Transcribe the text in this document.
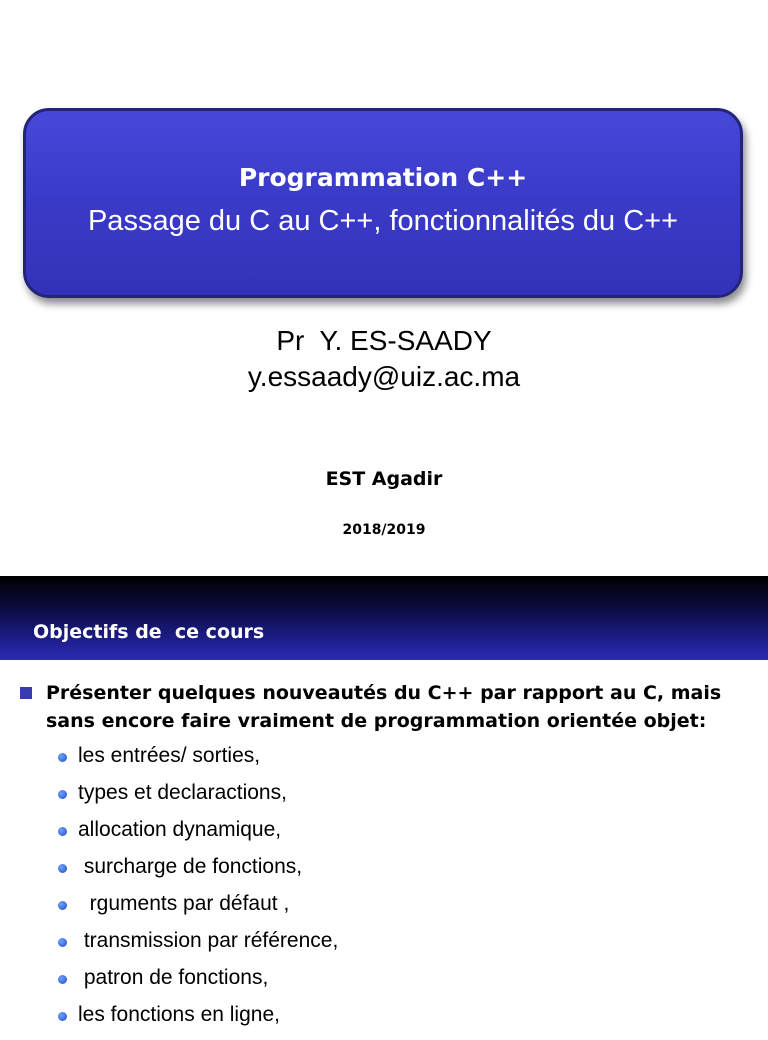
Programmation C++
Passage du C au C++, fonctionnalités du C++
Pr  Y. ES-SAADY
y.essaady@uiz.ac.ma
EST Agadir
2018/2019
Objectifs de  ce cours
Présenter quelques nouveautés du C++ par rapport au C, mais
sans encore faire vraiment de programmation orientée objet:
les entrées/ sorties,
types et declaractions,
allocation dynamique,
surcharge de fonctions,
rguments par défaut ,
transmission par référence,
patron de fonctions,
les fonctions en ligne,
